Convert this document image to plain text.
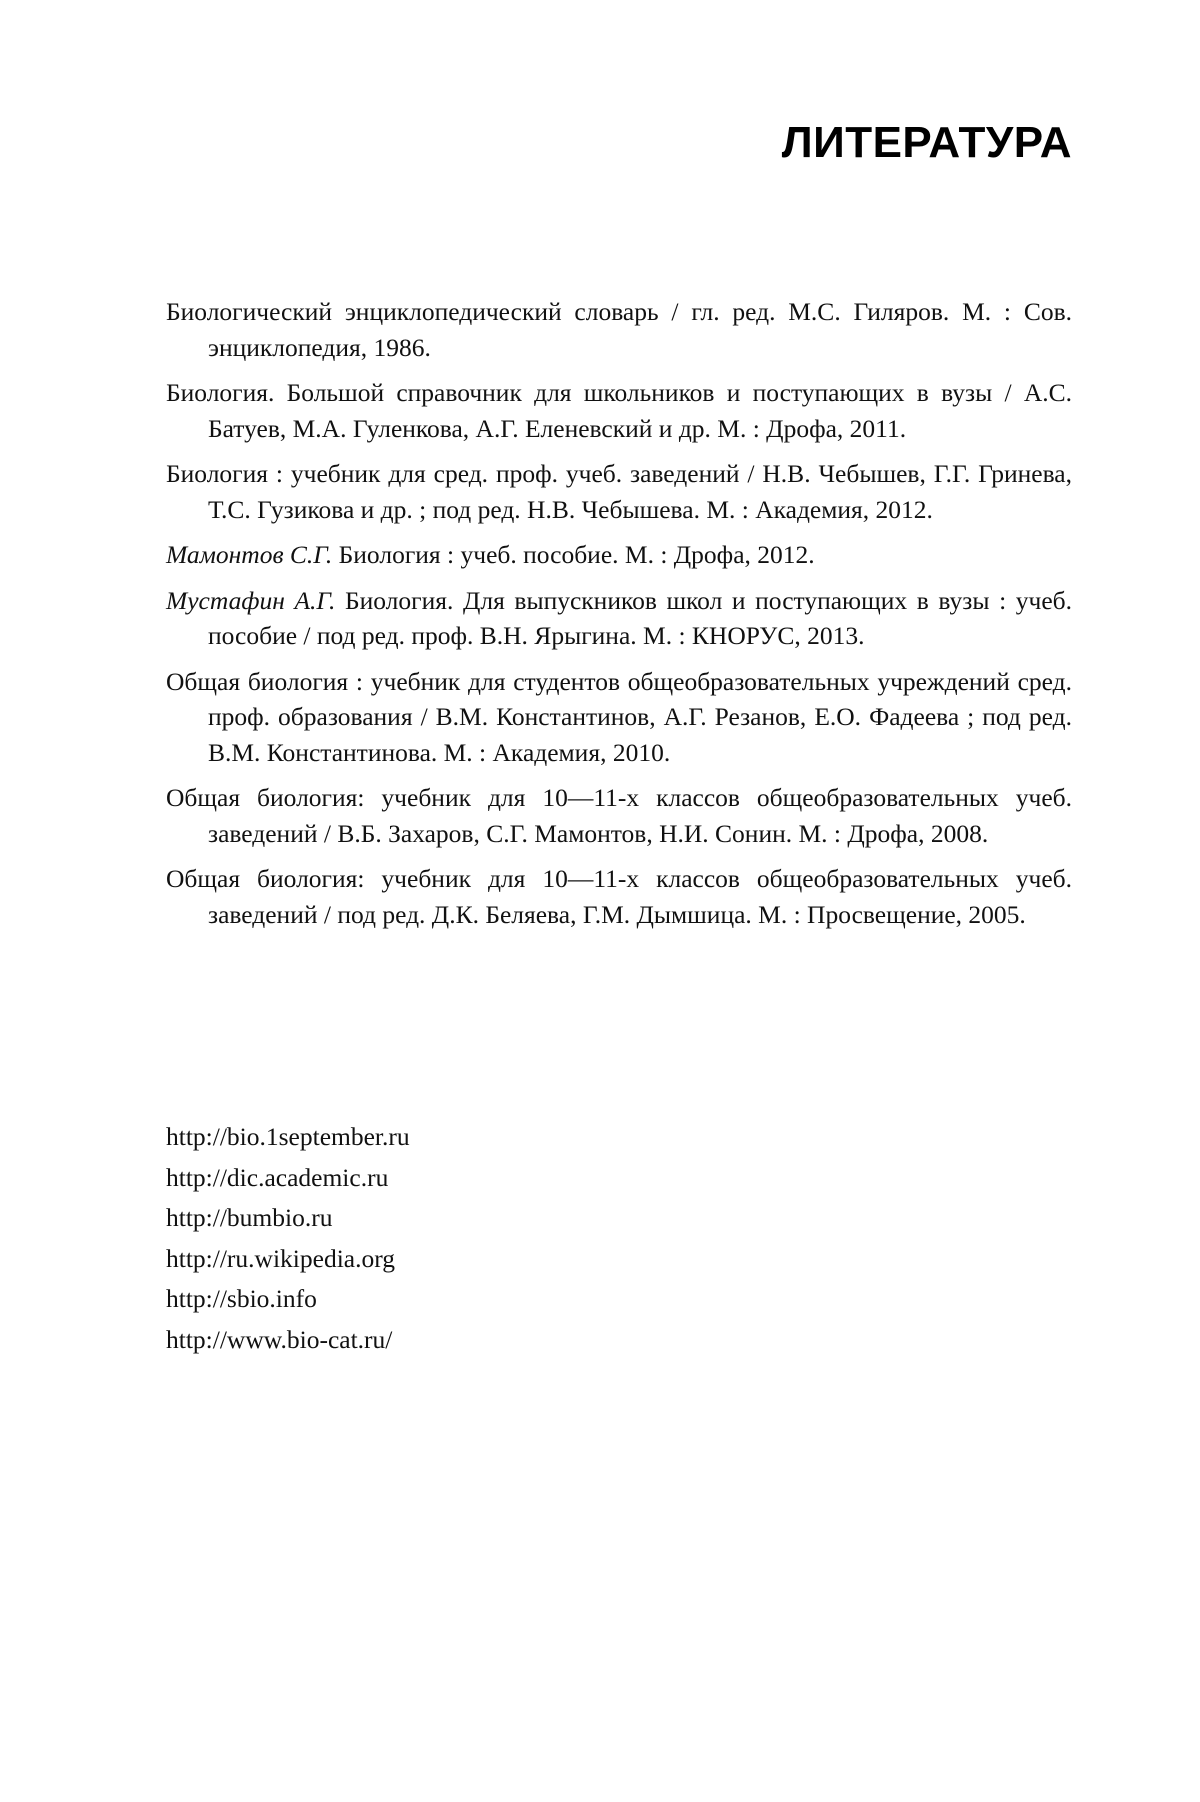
ЛИТЕРАТУРА
Биологический энциклопедический словарь / гл. ред. М.С. Гиляров. М. : Сов. энциклопедия, 1986.
Биология. Большой справочник для школьников и поступающих в вузы / А.С. Батуев, М.А. Гуленкова, А.Г. Еленевский и др. М. : Дрофа, 2011.
Биология : учебник для сред. проф. учеб. заведений / Н.В. Чебышев, Г.Г. Гринева, Т.С. Гузикова и др. ; под ред. Н.В. Чебышева. М. : Академия, 2012.
Мамонтов С.Г. Биология : учеб. пособие. М. : Дрофа, 2012.
Мустафин А.Г. Биология. Для выпускников школ и поступающих в вузы : учеб. пособие / под ред. проф. В.Н. Ярыгина. М. : КНОРУС, 2013.
Общая биология : учебник для студентов общеобразовательных учреждений сред. проф. образования / В.М. Константинов, А.Г. Резанов, Е.О. Фадеева ; под ред. В.М. Константинова. М. : Академия, 2010.
Общая биология: учебник для 10—11-х классов общеобразовательных учеб. заведений / В.Б. Захаров, С.Г. Мамонтов, Н.И. Сонин. М. : Дрофа, 2008.
Общая биология: учебник для 10—11-х классов общеобразовательных учеб. заведений / под ред. Д.К. Беляева, Г.М. Дымшица. М. : Просвещение, 2005.
http://bio.1september.ru
http://dic.academic.ru
http://bumbio.ru
http://ru.wikipedia.org
http://sbio.info
http://www.bio-cat.ru/
